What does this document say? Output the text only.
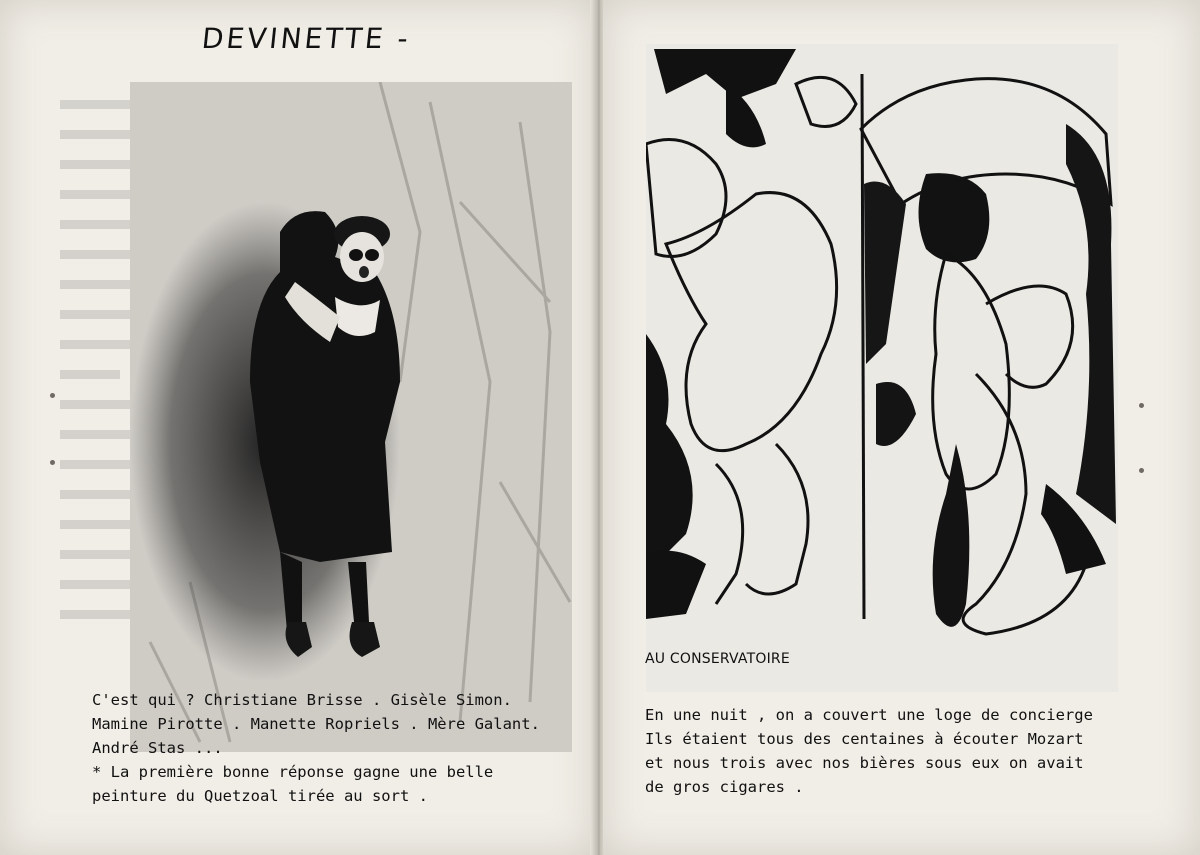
DEVINETTE -

C'est qui ? Christiane Brisse . Gisèle Simon.

Mamine Pirotte . Manette Ropriels . Mère Galant.

André Stas ...

* La première bonne réponse gagne une belle

peinture du Quetzoal tirée au sort .

AU CONSERVATOIRE

En une nuit , on a couvert une loge de concierge

Ils étaient tous des centaines à écouter Mozart

et nous trois avec nos bières sous eux on avait

de gros cigares .
